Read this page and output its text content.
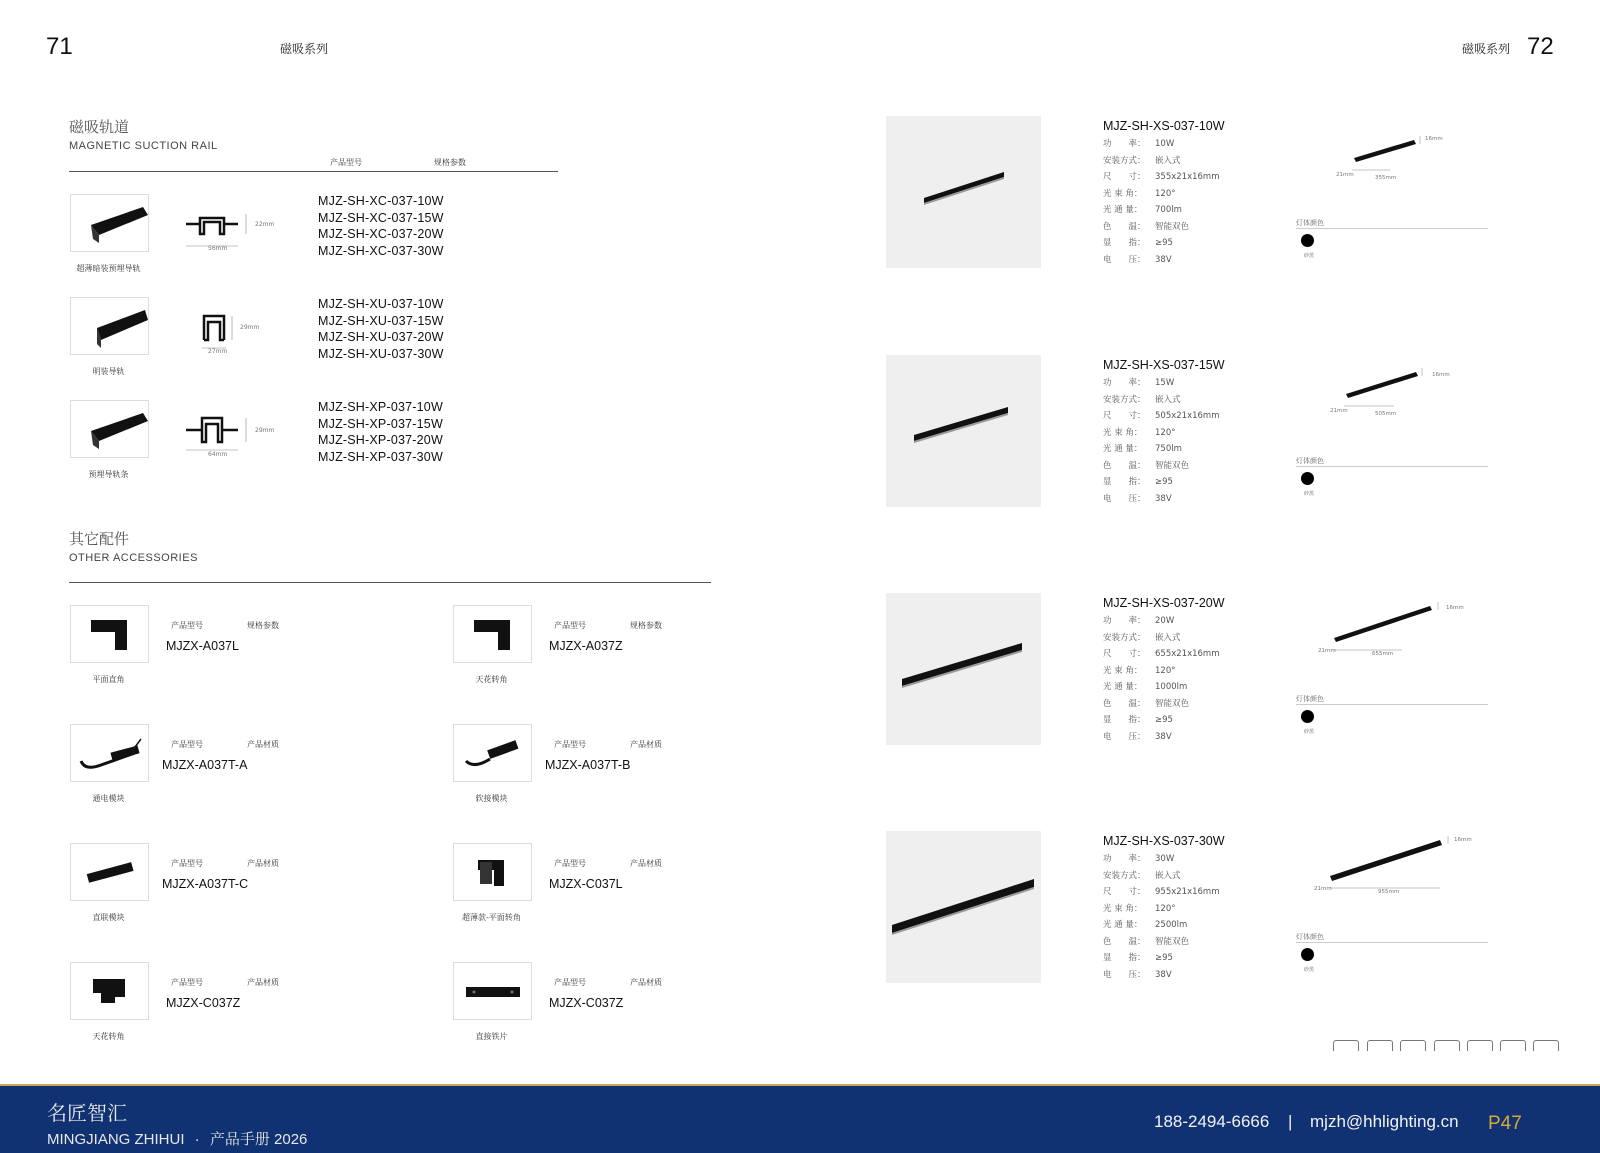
71	磁吸系列	磁吸系列 72
磁吸轨道
MAGNETIC SUCTION RAIL
产品型号	规格参数
超薄暗装预埋导轨
56mm
22mm
MJZ-SH-XC-037-10W
MJZ-SH-XC-037-15W
MJZ-SH-XC-037-20W
MJZ-SH-XC-037-30W
明装导轨
27mm
29mm
MJZ-SH-XU-037-10W
MJZ-SH-XU-037-15W
MJZ-SH-XU-037-20W
MJZ-SH-XU-037-30W
预埋导轨条
64mm
29mm
MJZ-SH-XP-037-10W
MJZ-SH-XP-037-15W
MJZ-SH-XP-037-20W
MJZ-SH-XP-037-30W
其它配件
OTHER ACCESSORIES
平面直角
产品型号	规格参数
MJZX-A037L
天花转角
产品型号	规格参数
MJZX-A037Z
通电模块
产品型号	产品材质
MJZX-A037T-A
软接模块
产品型号	产品材质
MJZX-A037T-B
直联模块
产品型号	产品材质
MJZX-A037T-C
超薄款-平面转角
产品型号	产品材质
MJZX-C037L
天花转角
产品型号	产品材质
MJZX-C037Z
直接铁片
产品型号	产品材质
MJZX-C037Z
MJZ-SH-XS-037-10W
功　　率： 10W
安装方式： 嵌入式
尺　　寸： 355x21x16mm
光 束 角： 120°
光 通 量： 700lm
色　　温： 智能双色
显　　指： ≥95
电　　压： 38V
21mm	355mm
16mm
灯体颜色
砂黑
MJZ-SH-XS-037-15W
功　　率： 15W
安装方式： 嵌入式
尺　　寸： 505x21x16mm
光 束 角： 120°
光 通 量： 750lm
色　　温： 智能双色
显　　指： ≥95
电　　压： 38V
21mm	505mm
16mm
灯体颜色
砂黑
MJZ-SH-XS-037-20W
功　　率： 20W
安装方式： 嵌入式
尺　　寸： 655x21x16mm
光 束 角： 120°
光 通 量： 1000lm
色　　温： 智能双色
显　　指： ≥95
电　　压： 38V
21mm	655mm
16mm
灯体颜色
砂黑
MJZ-SH-XS-037-30W
功　　率： 30W
安装方式： 嵌入式
尺　　寸： 955x21x16mm
光 束 角： 120°
光 通 量： 2500lm
色　　温： 智能双色
显　　指： ≥95
电　　压： 38V
21mm	955mm
16mm
灯体颜色
砂黑
名匠智汇
MINGJIANG ZHIHUI · 产品手册 2026
188-2494-6666 | mjzh@hhlighting.cn P47
